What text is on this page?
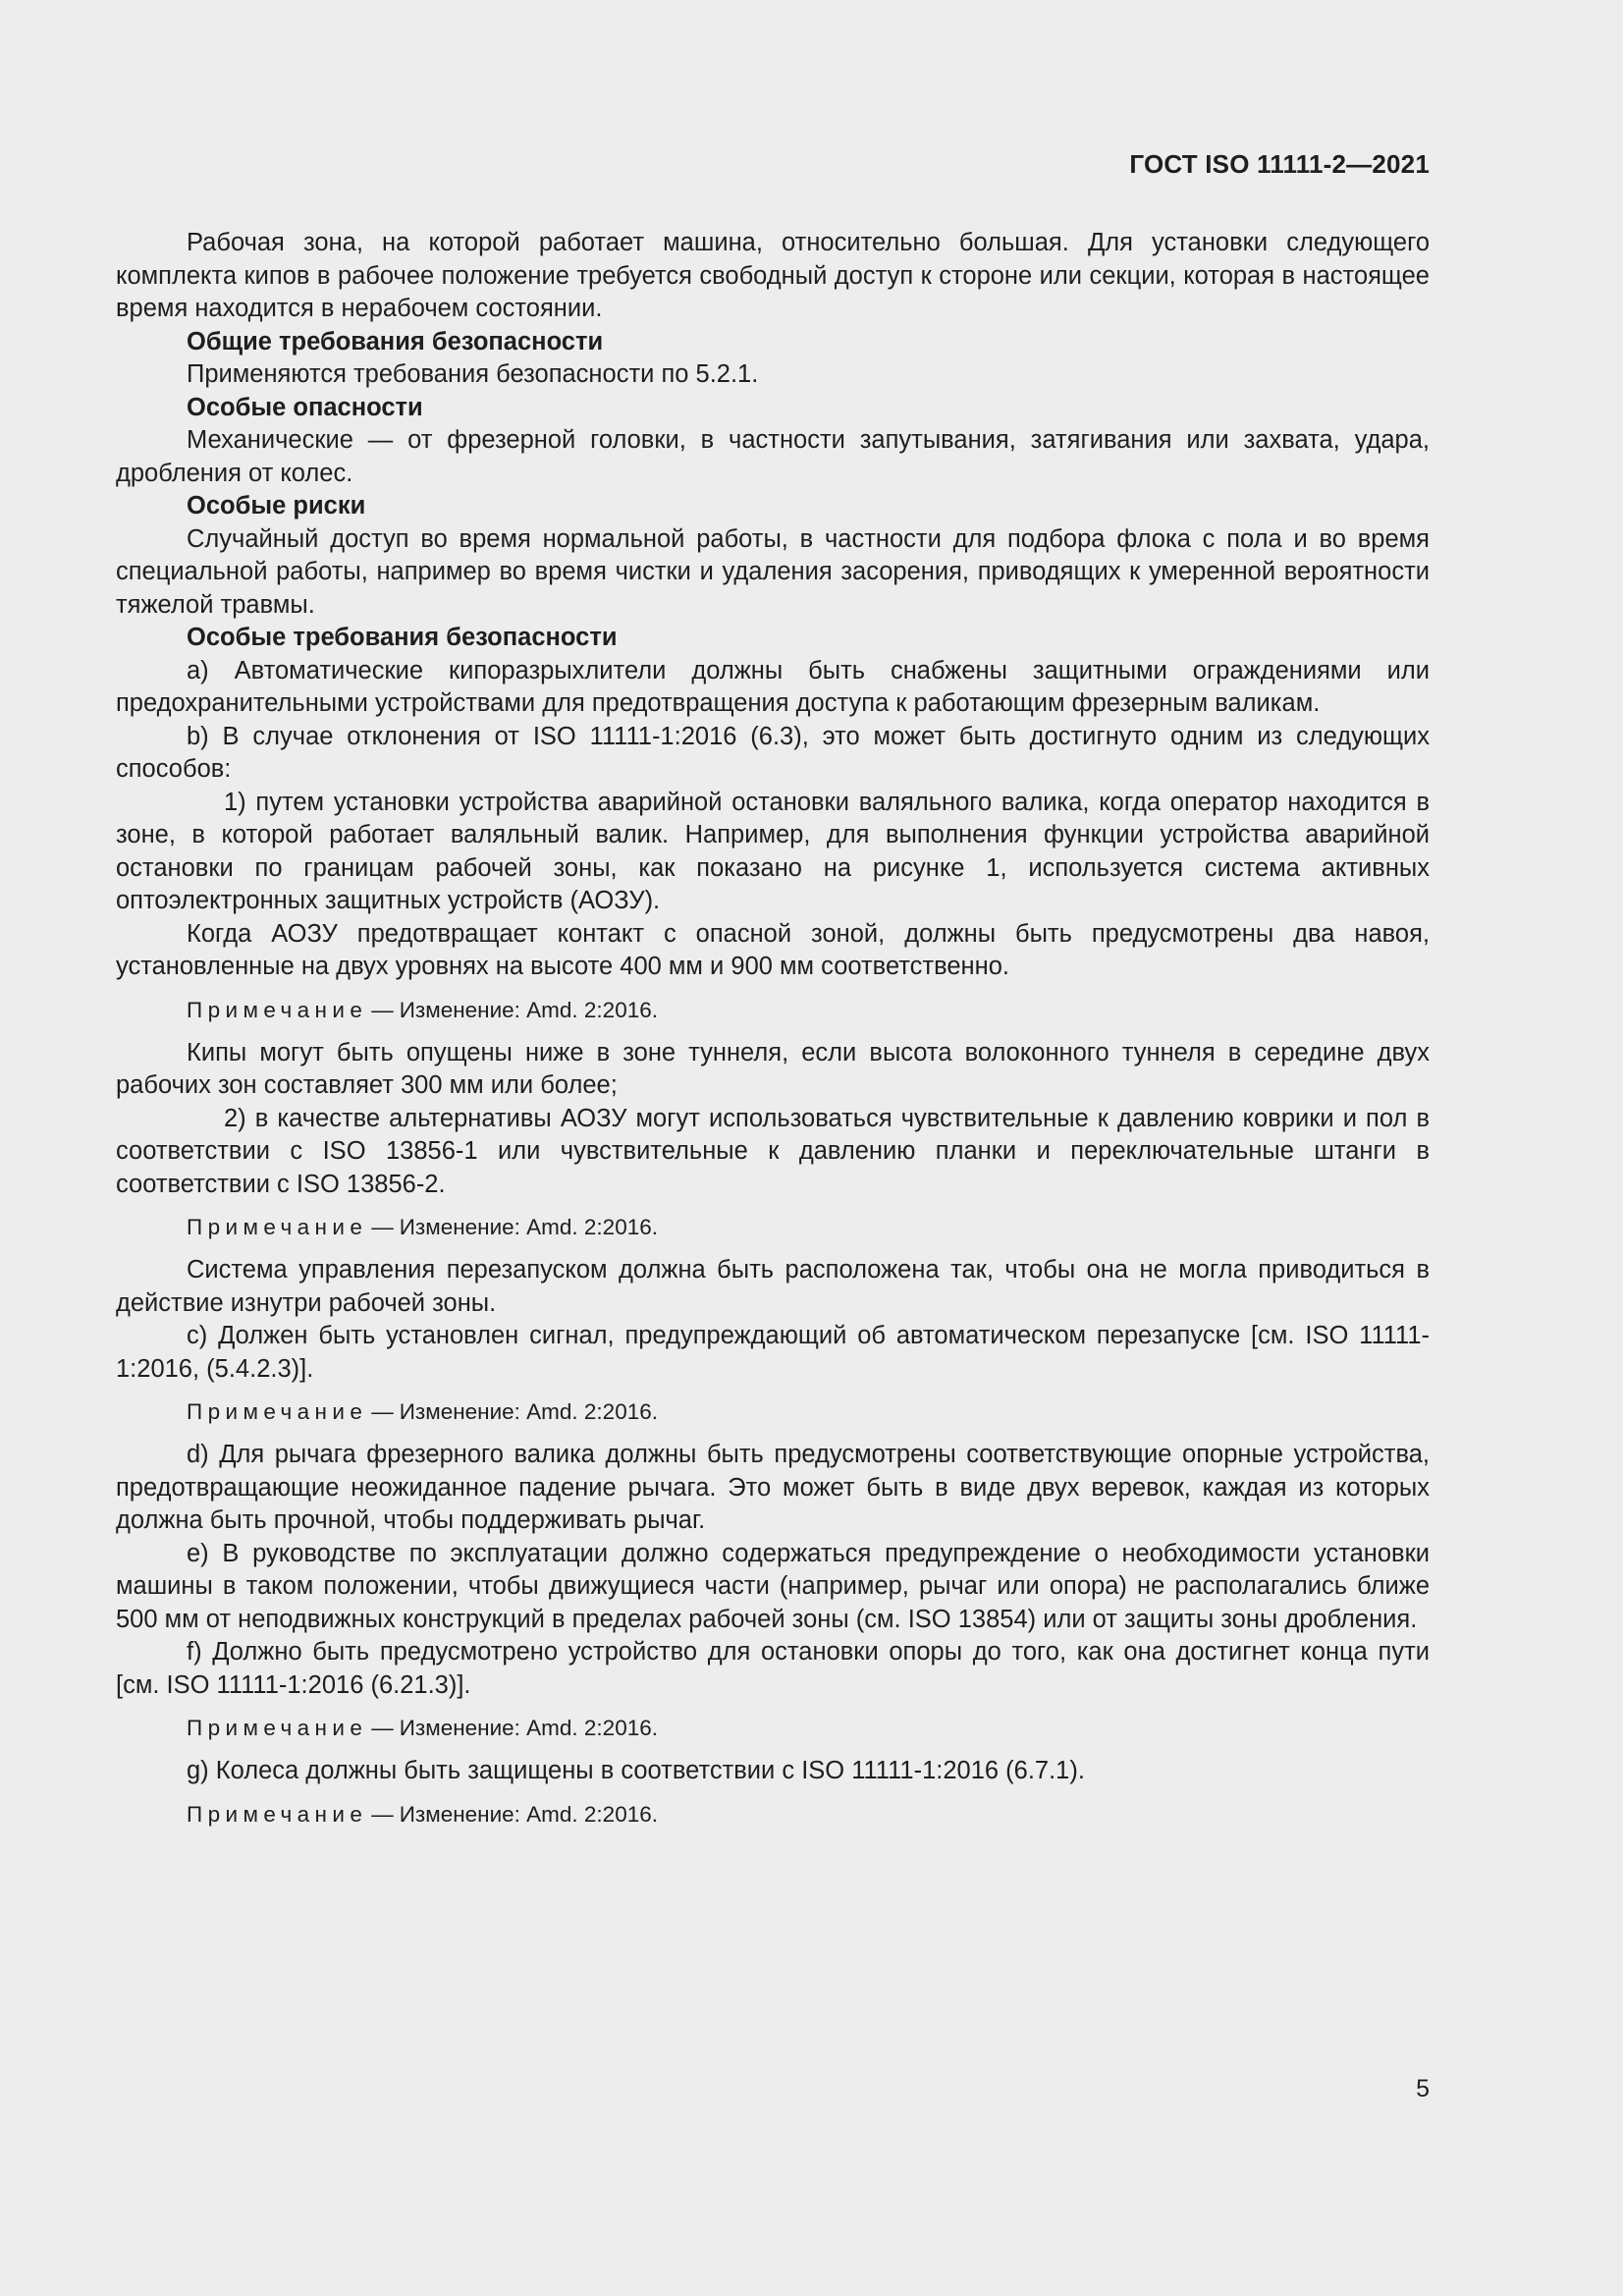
ГОСТ ISO 11111-2—2021

Рабочая зона, на которой работает машина, относительно большая. Для установки следующего комплекта кипов в рабочее положение требуется свободный доступ к стороне или секции, которая в настоящее время находится в нерабочем состоянии.

Общие требования безопасности

Применяются требования безопасности по 5.2.1.

Особые опасности

Механические — от фрезерной головки, в частности запутывания, затягивания или захвата, удара, дробления от колес.

Особые риски

Случайный доступ во время нормальной работы, в частности для подбора флока с пола и во время специальной работы, например во время чистки и удаления засорения, приводящих к умеренной вероятности тяжелой травмы.

Особые требования безопасности

a) Автоматические кипоразрыхлители должны быть снабжены защитными ограждениями или предохранительными устройствами для предотвращения доступа к работающим фрезерным валикам.

b) В случае отклонения от ISO 11111-1:2016 (6.3), это может быть достигнуто одним из следующих способов:

1) путем установки устройства аварийной остановки валяльного валика, когда оператор находится в зоне, в которой работает валяльный валик. Например, для выполнения функции устройства аварийной остановки по границам рабочей зоны, как показано на рисунке 1, используется система активных оптоэлектронных защитных устройств (АОЗУ).

Когда АОЗУ предотвращает контакт с опасной зоной, должны быть предусмотрены два навоя, установленные на двух уровнях на высоте 400 мм и 900 мм соответственно.

Примечание — Изменение: Amd. 2:2016.

Кипы могут быть опущены ниже в зоне туннеля, если высота волоконного туннеля в середине двух рабочих зон составляет 300 мм или более;

2) в качестве альтернативы АОЗУ могут использоваться чувствительные к давлению коврики и пол в соответствии с ISO 13856-1 или чувствительные к давлению планки и переключательные штанги в соответствии с ISO 13856-2.

Примечание — Изменение: Amd. 2:2016.

Система управления перезапуском должна быть расположена так, чтобы она не могла приводиться в действие изнутри рабочей зоны.

c) Должен быть установлен сигнал, предупреждающий об автоматическом перезапуске [см. ISO 11111-1:2016, (5.4.2.3)].

Примечание — Изменение: Amd. 2:2016.

d) Для рычага фрезерного валика должны быть предусмотрены соответствующие опорные устройства, предотвращающие неожиданное падение рычага. Это может быть в виде двух веревок, каждая из которых должна быть прочной, чтобы поддерживать рычаг.

e) В руководстве по эксплуатации должно содержаться предупреждение о необходимости установки машины в таком положении, чтобы движущиеся части (например, рычаг или опора) не располагались ближе 500 мм от неподвижных конструкций в пределах рабочей зоны (см. ISO 13854) или от защиты зоны дробления.

f) Должно быть предусмотрено устройство для остановки опоры до того, как она достигнет конца пути [см. ISO 11111-1:2016 (6.21.3)].

Примечание — Изменение: Amd. 2:2016.

g) Колеса должны быть защищены в соответствии с ISO 11111-1:2016 (6.7.1).

Примечание — Изменение: Amd. 2:2016.
5
